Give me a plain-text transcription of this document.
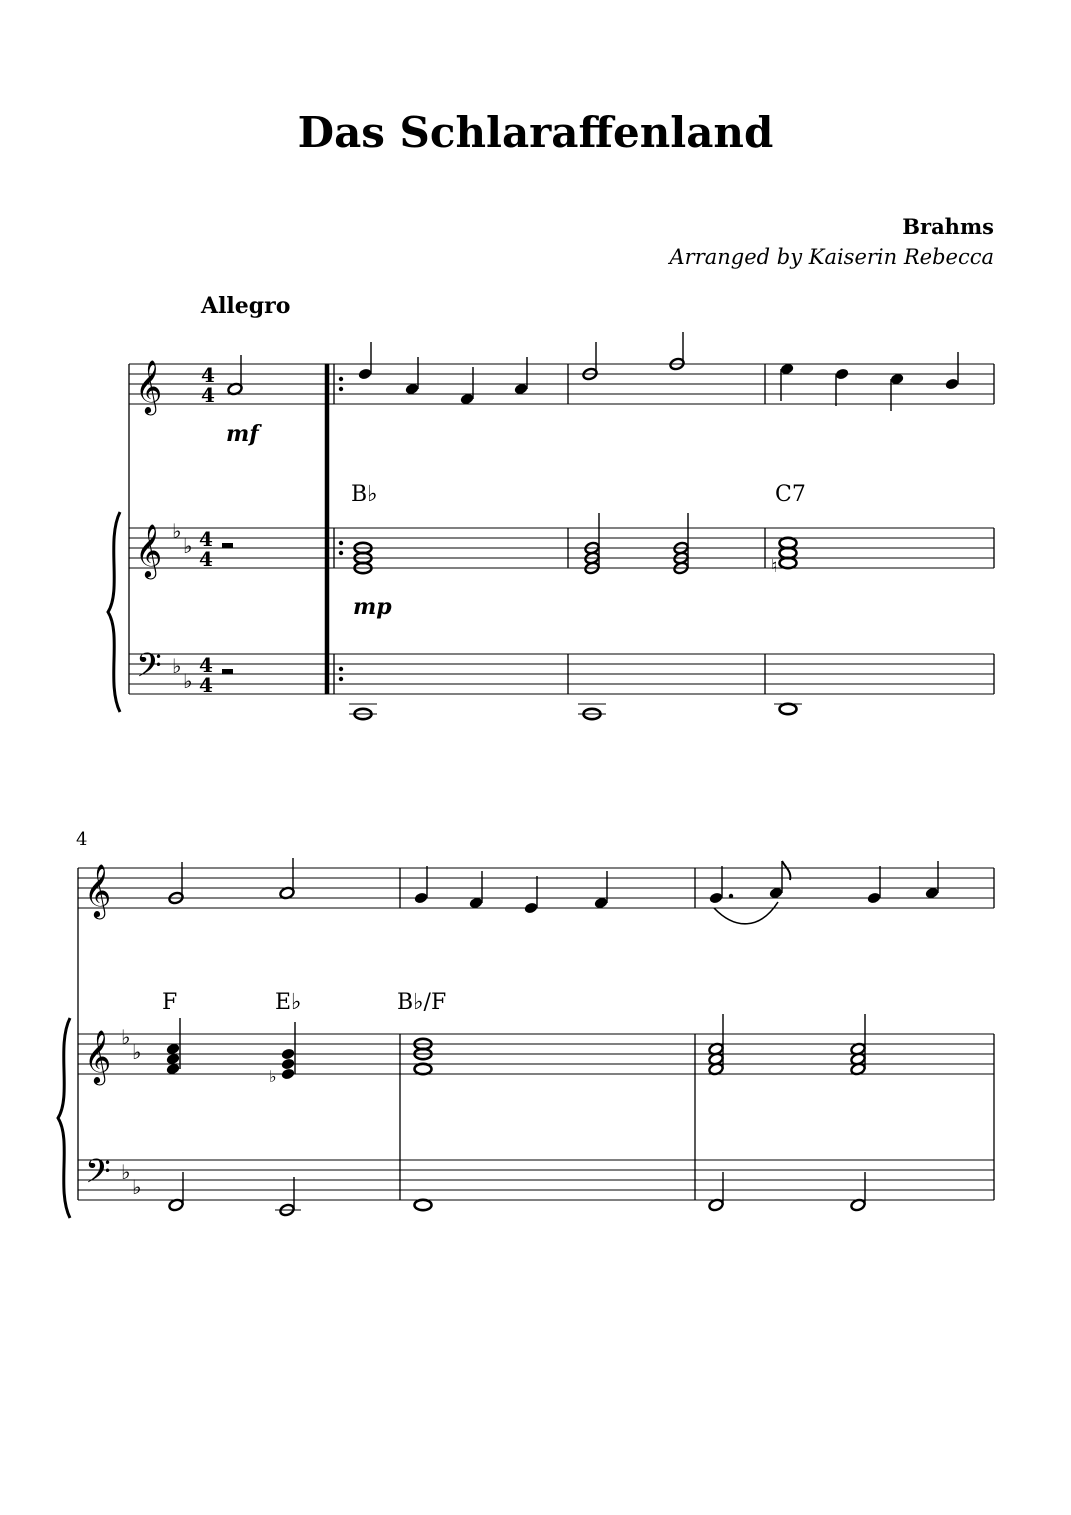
Das Schlaraffenland
Brahms
Arranged by Kaiserin Rebecca
Allegro
𝄞
𝄞
𝄢
♭
♭
♭
♭
4
4
4
4
4
4
mf
B♭	C7
mp
♮
4
𝄞
𝄞
𝄢
♭
♭
♭
♭
F	E♭	B♭/F
♭
